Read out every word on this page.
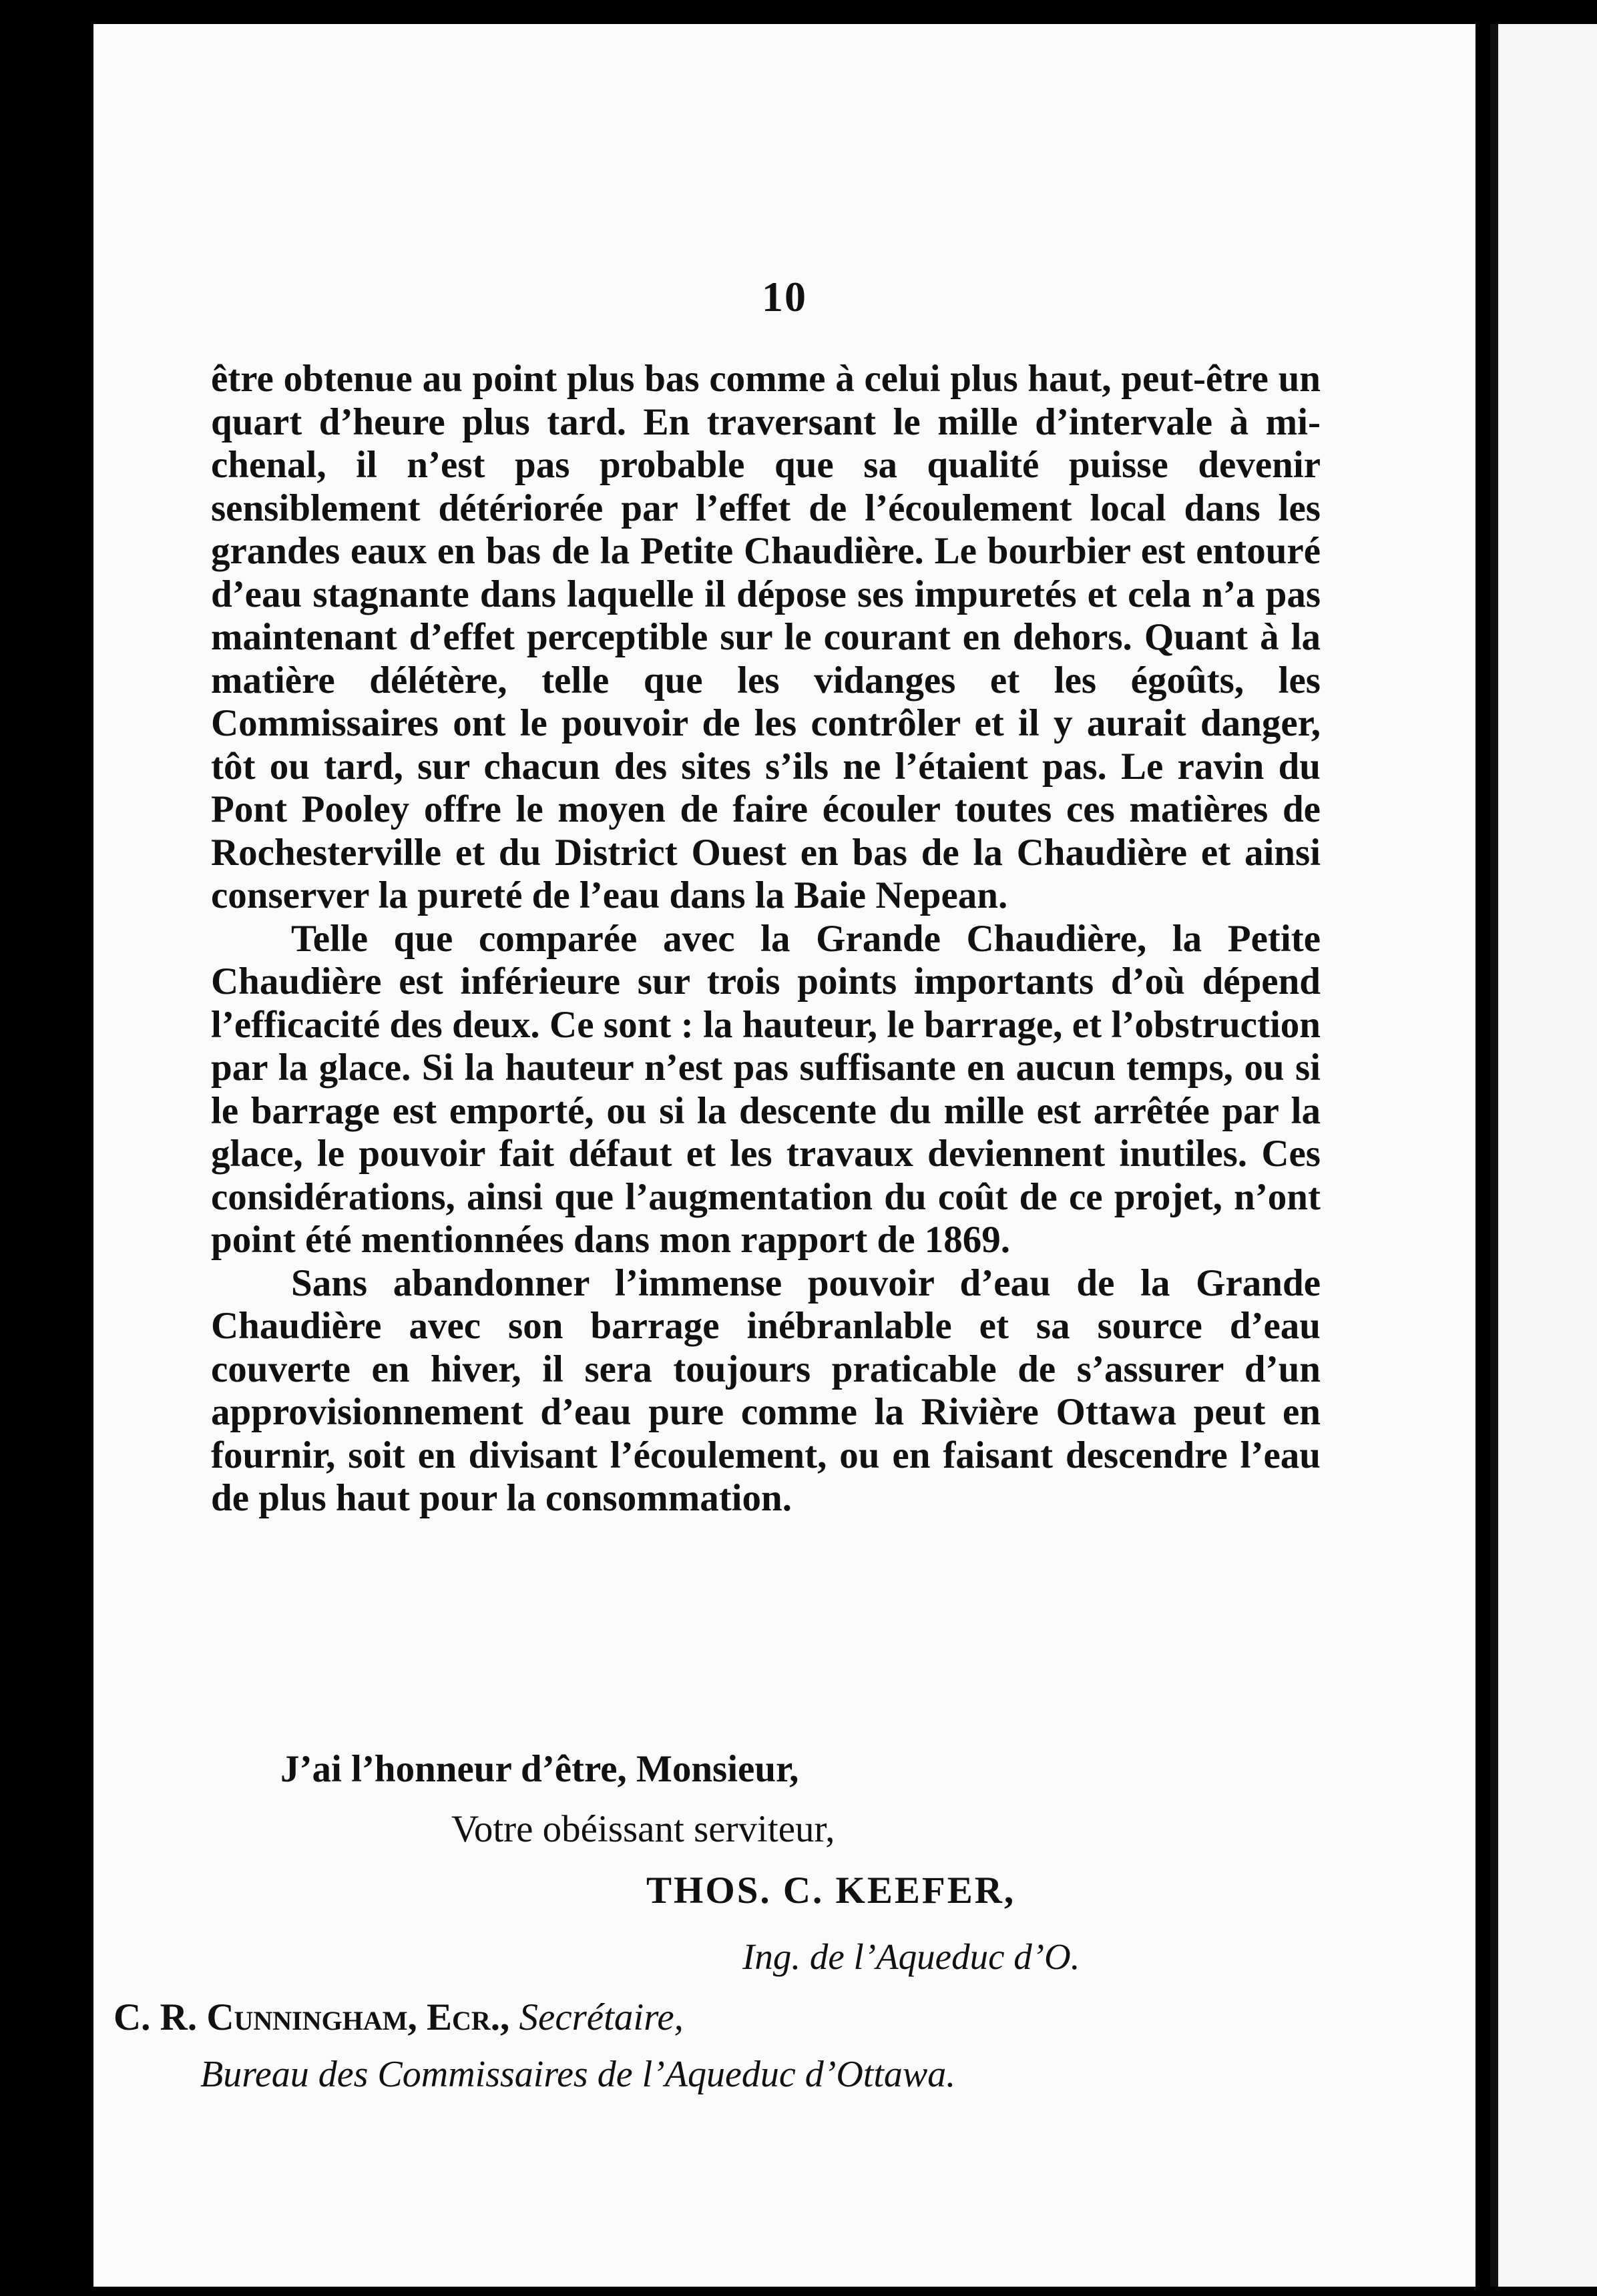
10

être obtenue au point plus bas comme à celui plus haut, peut-être un quart d’heure plus tard. En traversant le mille d’intervale à mi-chenal, il n’est pas probable que sa qualité puisse devenir sensiblement détériorée par l’effet de l’écoulement local dans les grandes eaux en bas de la Petite Chaudière. Le bourbier est entouré d’eau stagnante dans laquelle il dépose ses impuretés et cela n’a pas maintenant d’effet perceptible sur le courant en dehors. Quant à la matière délétère, telle que les vidanges et les égoûts, les Commissaires ont le pouvoir de les contrôler et il y aurait danger, tôt ou tard, sur chacun des sites s’ils ne l’étaient pas. Le ravin du Pont Pooley offre le moyen de faire écouler toutes ces matières de Rochesterville et du District Ouest en bas de la Chaudière et ainsi conserver la pureté de l’eau dans la Baie Nepean.

Telle que comparée avec la Grande Chaudière, la Petite Chaudière est inférieure sur trois points importants d’où dépend l’efficacité des deux. Ce sont : la hauteur, le barrage, et l’obstruction par la glace. Si la hauteur n’est pas suffisante en aucun temps, ou si le barrage est emporté, ou si la descente du mille est arrêtée par la glace, le pouvoir fait défaut et les travaux deviennent inutiles. Ces considérations, ainsi que l’augmentation du coût de ce projet, n’ont point été mentionnées dans mon rapport de 1869.

Sans abandonner l’immense pouvoir d’eau de la Grande Chaudière avec son barrage inébranlable et sa source d’eau couverte en hiver, il sera toujours praticable de s’assurer d’un approvisionnement d’eau pure comme la Rivière Ottawa peut en fournir, soit en divisant l’écoulement, ou en faisant descendre l’eau de plus haut pour la consommation.

J’ai l’honneur d’être, Monsieur,
Votre obéissant serviteur,
THOS. C. KEEFER,
Ing. de l’Aqueduc d’O.
C. R. Cunningham, Ecr., Secrétaire,
Bureau des Commissaires de l’Aqueduc d’Ottawa.
